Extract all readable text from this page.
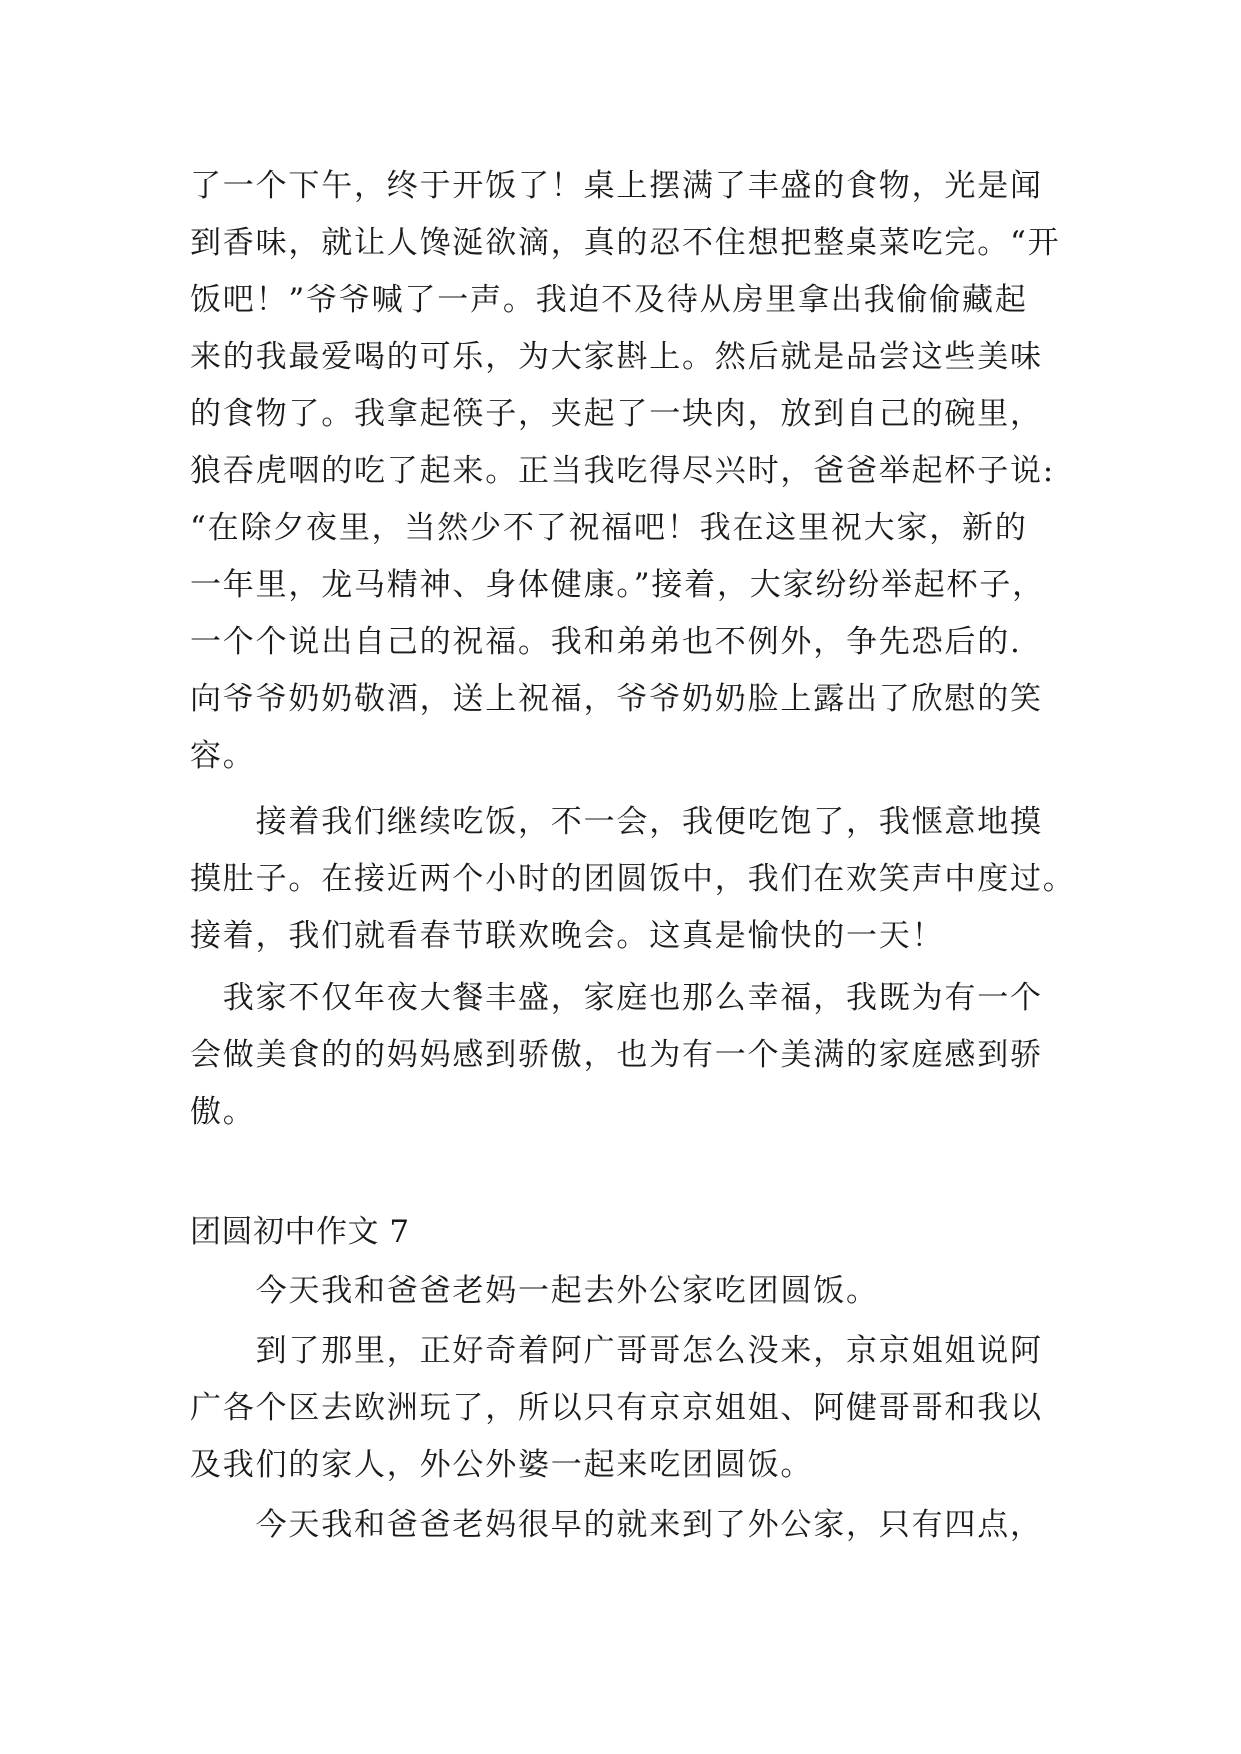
了一个下午，终于开饭了！桌上摆满了丰盛的食物，光是闻
到香味，就让人馋涎欲滴，真的忍不住想把整桌菜吃完。“开
饭吧！”爷爷喊了一声。我迫不及待从房里拿出我偷偷藏起
来的我最爱喝的可乐，为大家斟上。然后就是品尝这些美味
的食物了。我拿起筷子，夹起了一块肉，放到自己的碗里，
狼吞虎咽的吃了起来。正当我吃得尽兴时，爸爸举起杯子说:
“在除夕夜里，当然少不了祝福吧！我在这里祝大家，新的
一年里，龙马精神、身体健康。”接着，大家纷纷举起杯子，
一个个说出自己的祝福。我和弟弟也不例外，争先恐后的.
向爷爷奶奶敬酒，送上祝福，爷爷奶奶脸上露出了欣慰的笑
容。
　　接着我们继续吃饭，不一会，我便吃饱了，我惬意地摸
摸肚子。在接近两个小时的团圆饭中，我们在欢笑声中度过。
接着，我们就看春节联欢晚会。这真是愉快的一天！
　我家不仅年夜大餐丰盛，家庭也那么幸福，我既为有一个
会做美食的的妈妈感到骄傲，也为有一个美满的家庭感到骄
傲。
团圆初中作文 7
　　今天我和爸爸老妈一起去外公家吃团圆饭。
　　到了那里，正好奇着阿广哥哥怎么没来，京京姐姐说阿
广各个区去欧洲玩了，所以只有京京姐姐、阿健哥哥和我以
及我们的家人，外公外婆一起来吃团圆饭。
　　今天我和爸爸老妈很早的就来到了外公家，只有四点，
